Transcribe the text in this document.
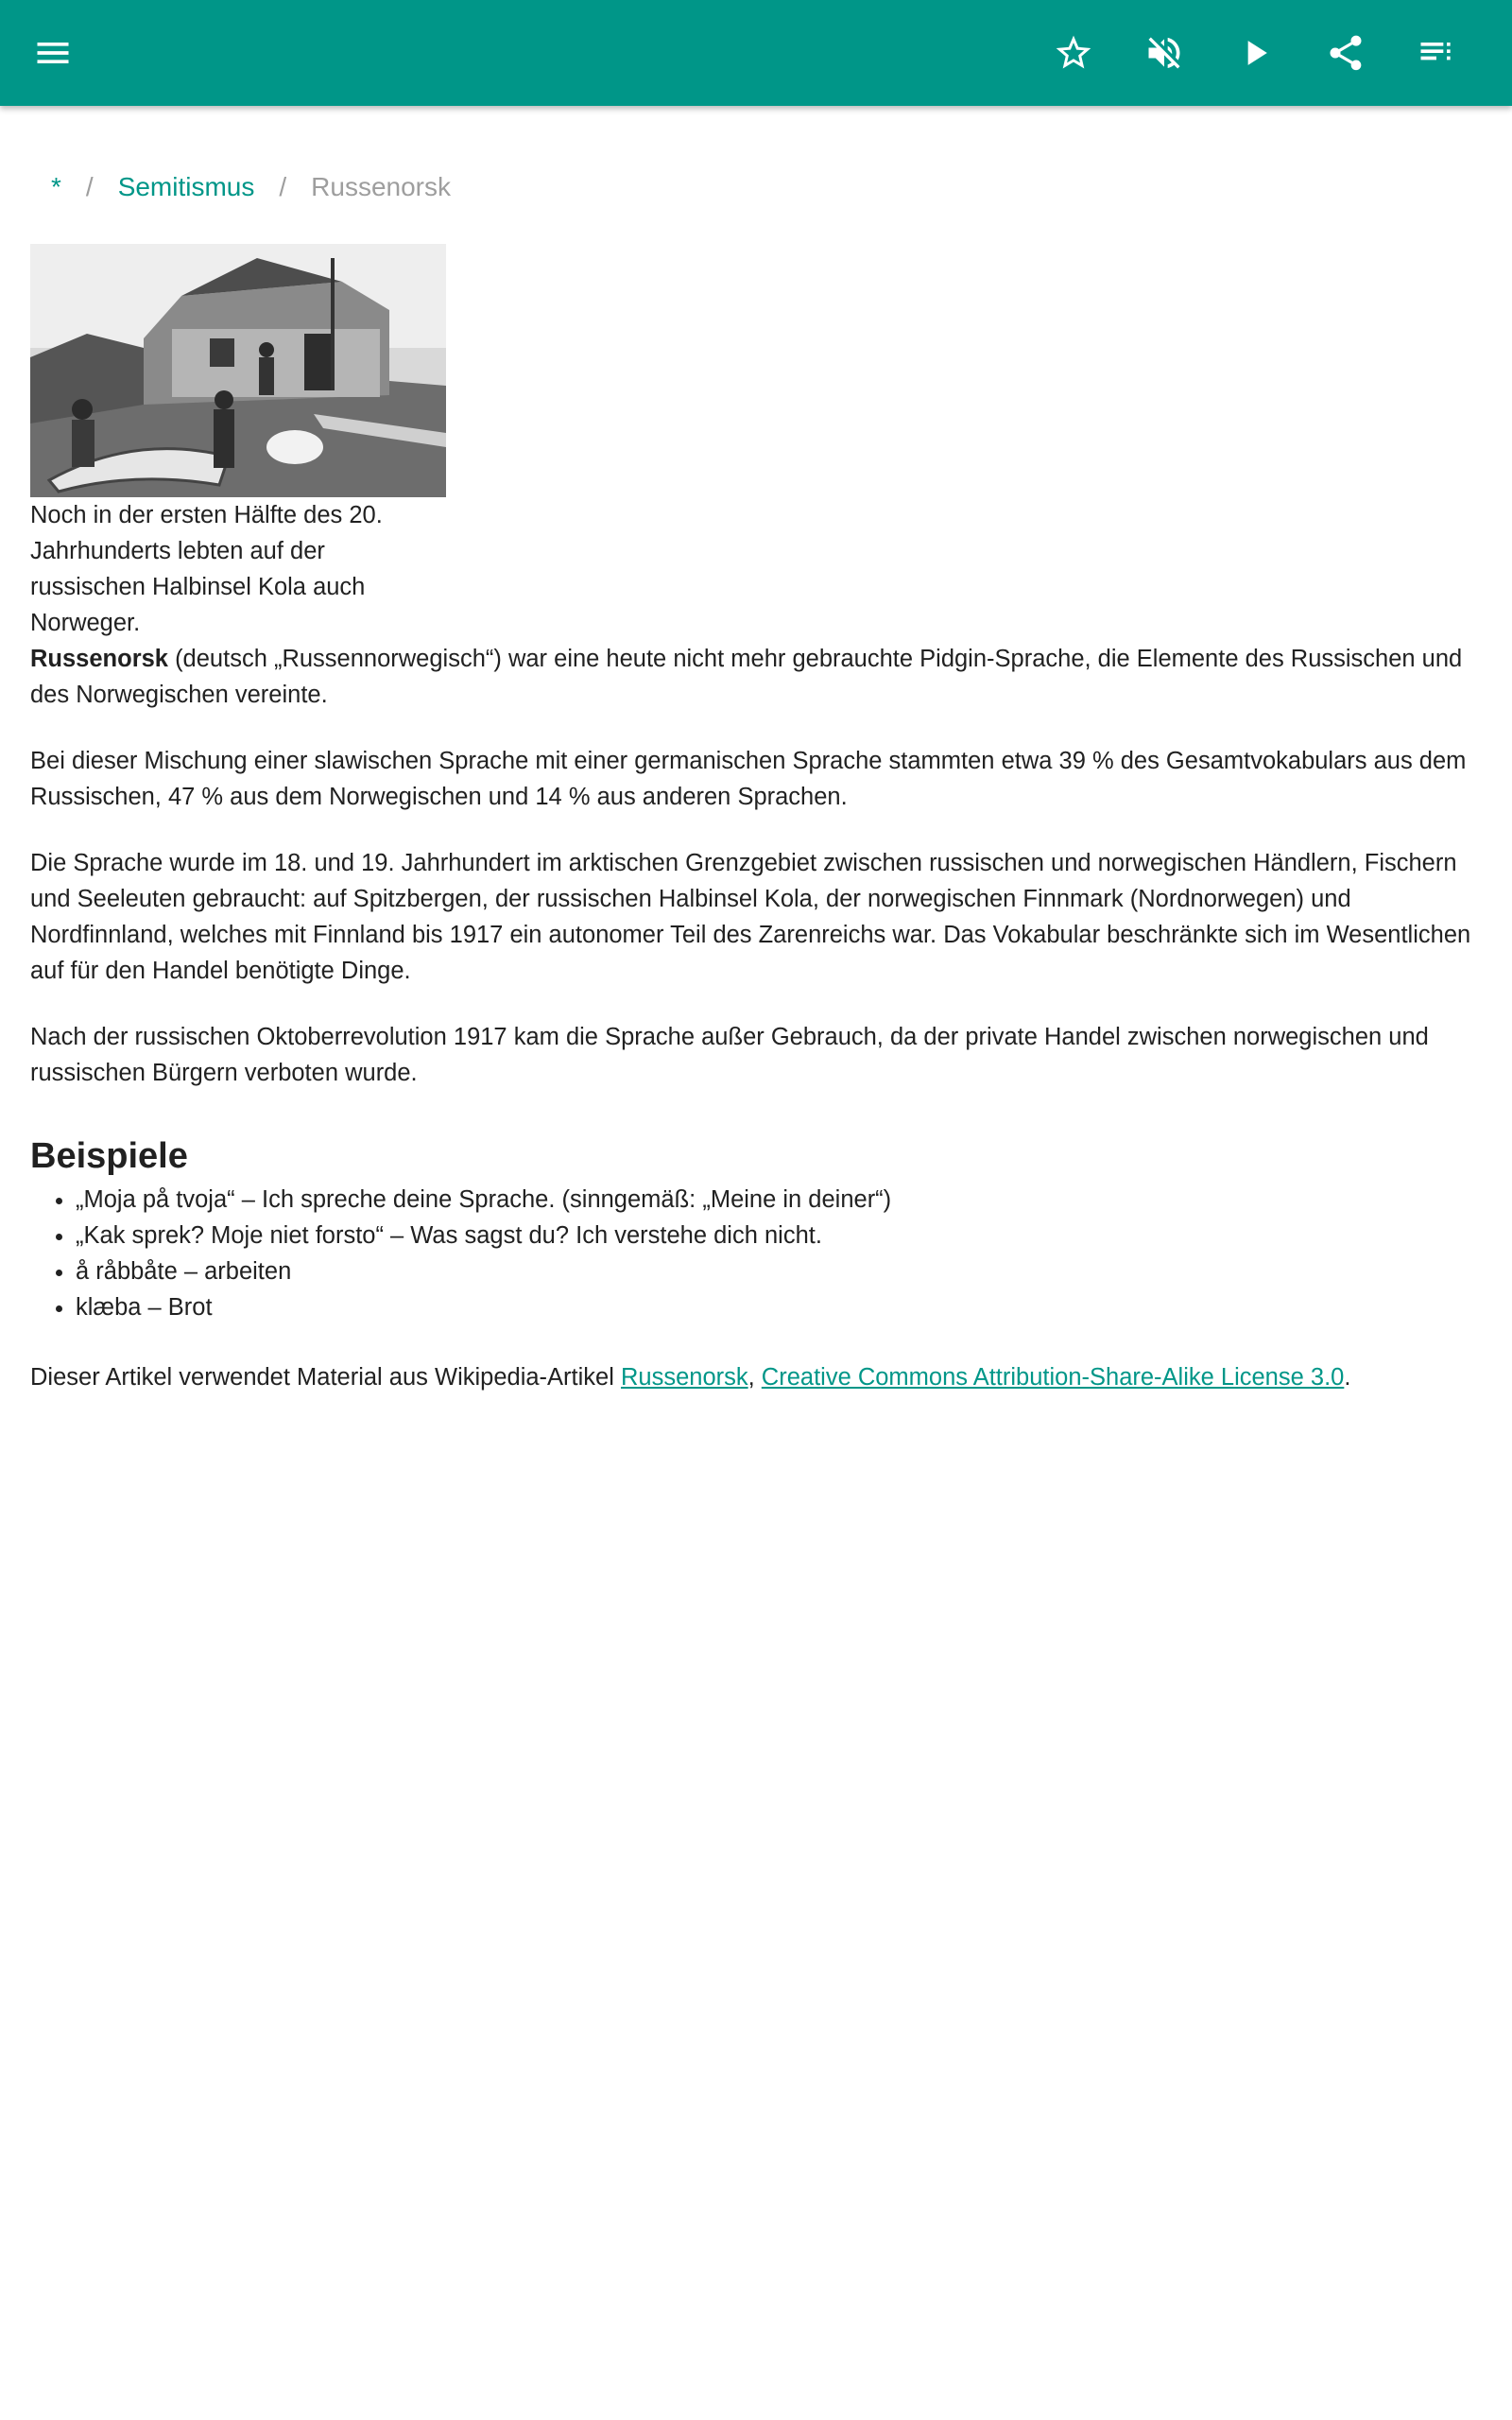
* / Semitismus / Russenorsk
Noch in der ersten Hälfte des 20. Jahrhunderts lebten auf der russischen Halbinsel Kola auch Norweger.

Russenorsk (deutsch „Russennorwegisch“) war eine heute nicht mehr gebrauchte Pidgin-Sprache, die Elemente des Russischen und des Norwegischen vereinte.

Bei dieser Mischung einer slawischen Sprache mit einer germanischen Sprache stammten etwa 39 % des Gesamtvokabulars aus dem Russischen, 47 % aus dem Norwegischen und 14 % aus anderen Sprachen.

Die Sprache wurde im 18. und 19. Jahrhundert im arktischen Grenzgebiet zwischen russischen und norwegischen Händlern, Fischern und Seeleuten gebraucht: auf Spitzbergen, der russischen Halbinsel Kola, der norwegischen Finnmark (Nordnorwegen) und Nordfinnland, welches mit Finnland bis 1917 ein autonomer Teil des Zarenreichs war. Das Vokabular beschränkte sich im Wesentlichen auf für den Handel benötigte Dinge.

Nach der russischen Oktoberrevolution 1917 kam die Sprache außer Gebrauch, da der private Handel zwischen norwegischen und russischen Bürgern verboten wurde.

Beispiele
• „Moja på tvoja“ – Ich spreche deine Sprache. (sinngemäß: „Meine in deiner“)
• „Kak sprek? Moje niet forsto“ – Was sagst du? Ich verstehe dich nicht.
• å råbbåte – arbeiten
• klæba – Brot

Dieser Artikel verwendet Material aus Wikipedia-Artikel Russenorsk, Creative Commons Attribution-Share-Alike License 3.0.
